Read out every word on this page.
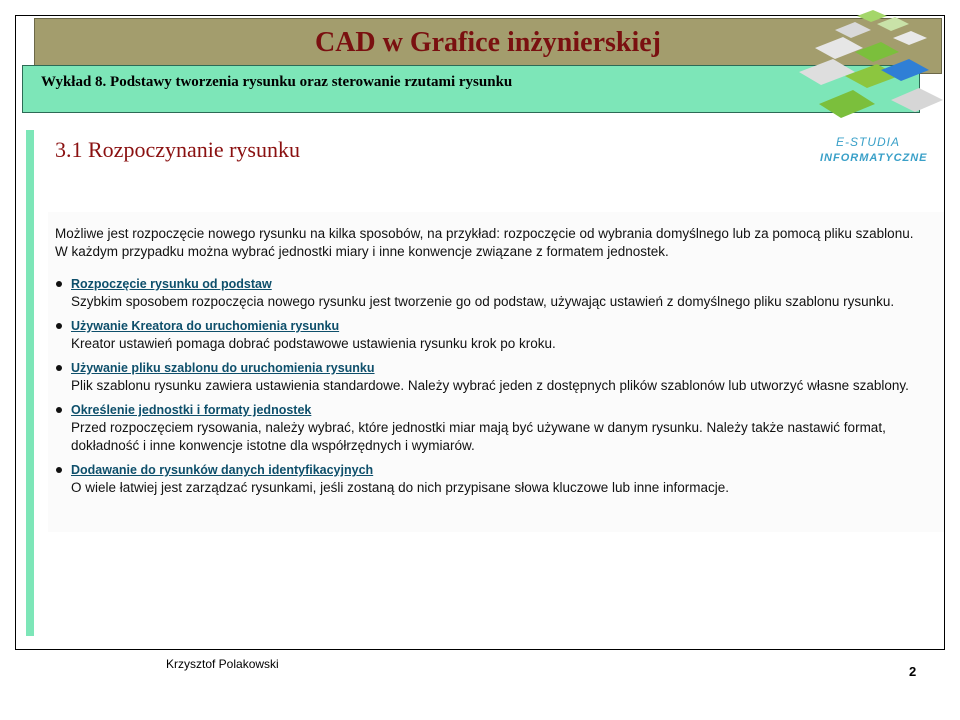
CAD w Grafice inżynierskiej
Wykład 8. Podstawy tworzenia rysunku oraz sterowanie rzutami rysunku
E-STUDIA
INFORMATYCZNE
3.1 Rozpoczynanie rysunku

Możliwe jest rozpoczęcie nowego rysunku na kilka sposobów, na przykład: rozpoczęcie od wybrania domyślnego lub za pomocą pliku szablonu. W każdym przypadku można wybrać jednostki miary i inne konwencje związane z formatem jednostek.

Rozpoczęcie rysunku od podstaw
Szybkim sposobem rozpoczęcia nowego rysunku jest tworzenie go od podstaw, używając ustawień z domyślnego pliku szablonu rysunku.
Używanie Kreatora do uruchomienia rysunku
Kreator ustawień pomaga dobrać podstawowe ustawienia rysunku krok po kroku.
Używanie pliku szablonu do uruchomienia rysunku
Plik szablonu rysunku zawiera ustawienia standardowe. Należy wybrać jeden z dostępnych plików szablonów lub utworzyć własne szablony.
Określenie jednostki i formaty jednostek
Przed rozpoczęciem rysowania, należy wybrać, które jednostki miar mają być używane w danym rysunku. Należy także nastawić format, dokładność i inne konwencje istotne dla współrzędnych i wymiarów.
Dodawanie do rysunków danych identyfikacyjnych
O wiele łatwiej jest zarządzać rysunkami, jeśli zostaną do nich przypisane słowa kluczowe lub inne informacje.
Krzysztof Polakowski	2
